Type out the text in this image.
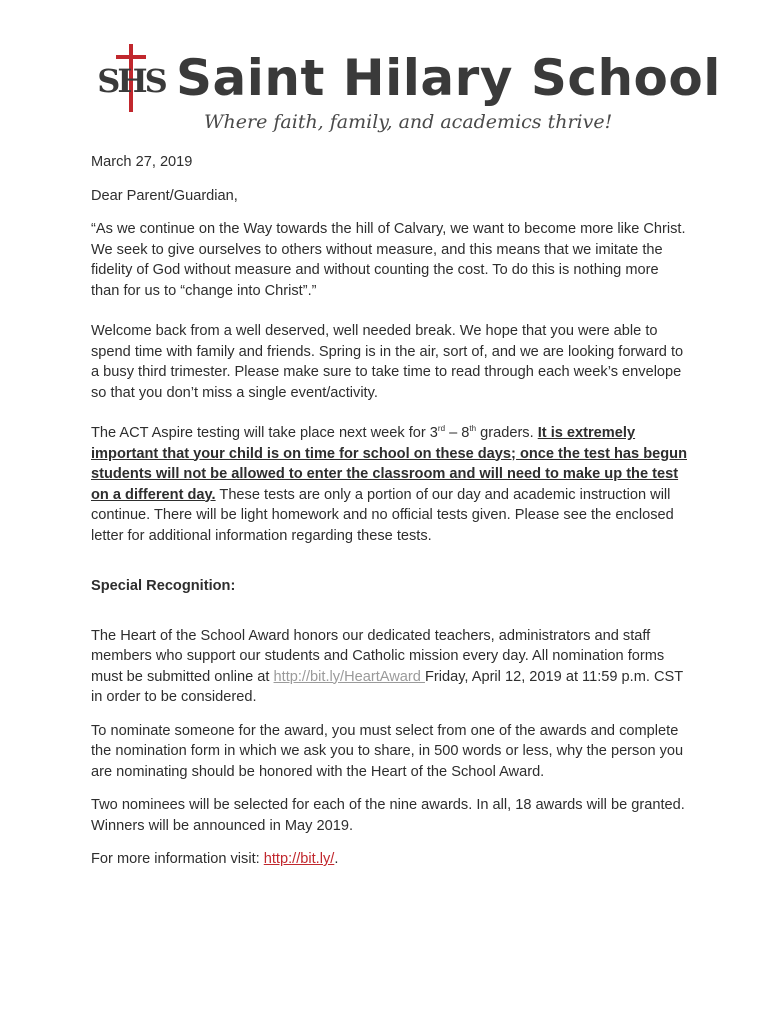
SHS Saint Hilary School
Where faith, family, and academics thrive!

March 27, 2019

Dear Parent/Guardian,

“As we continue on the Way towards the hill of Calvary, we want to become more like Christ. We seek to give ourselves to others without measure, and this means that we imitate the fidelity of God without measure and without counting the cost. To do this is nothing more than for us to “change into Christ”.”

Welcome back from a well deserved, well needed break. We hope that you were able to spend time with family and friends. Spring is in the air, sort of, and we are looking forward to a busy third trimester. Please make sure to take time to read through each week’s envelope so that you don’t miss a single event/activity.

The ACT Aspire testing will take place next week for 3rd – 8th graders. It is extremely important that your child is on time for school on these days; once the test has begun students will not be allowed to enter the classroom and will need to make up the test on a different day. These tests are only a portion of our day and academic instruction will continue. There will be light homework and no official tests given. Please see the enclosed letter for additional information regarding these tests.

Special Recognition:

The Heart of the School Award honors our dedicated teachers, administrators and staff members who support our students and Catholic mission every day. All nomination forms must be submitted online at http://bit.ly/HeartAward Friday, April 12, 2019 at 11:59 p.m. CST in order to be considered.

To nominate someone for the award, you must select from one of the awards and complete the nomination form in which we ask you to share, in 500 words or less, why the person you are nominating should be honored with the Heart of the School Award.

Two nominees will be selected for each of the nine awards. In all, 18 awards will be granted. Winners will be announced in May 2019.

For more information visit: http://bit.ly/.
